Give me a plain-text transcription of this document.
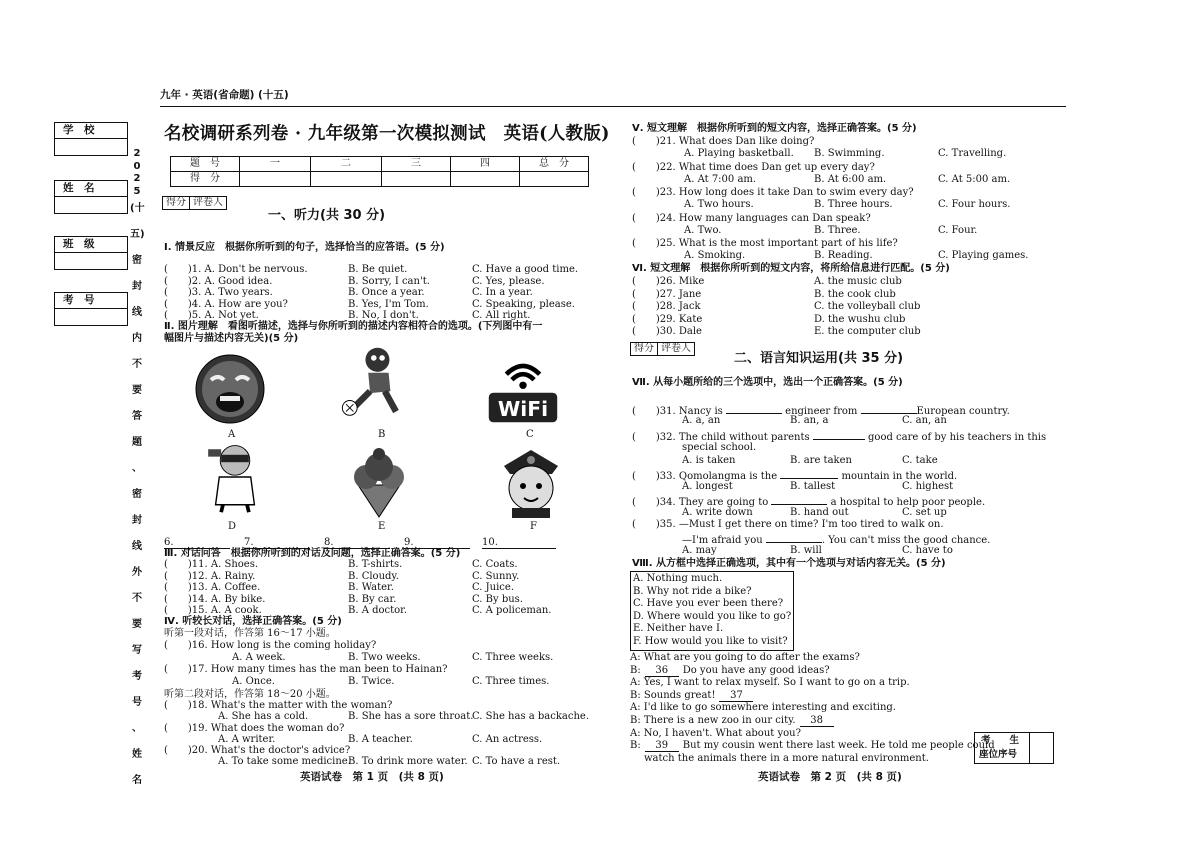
九年 · 英语(省命题) (十五)
学　校
姓　名
班　级
考　号
2
0
2
5
(十五)
密
封
线
内
不
要
答
题
、
密
封
线
外
不
要
写
考
号
、
姓
名
名校调研系列卷 · 九年级第一次模拟测试　英语(人教版)
题　号	一	二	三	四	总　分
得　分					
得分 评卷人
一、听力(共 30 分)
Ⅰ. 情景反应　根据你所听到的句子，选择恰当的应答语。(5 分)
(　　)1. A. Don't be nervous.	B. Be quiet.	C. Have a good time.
(　　)2. A. Good idea.	B. Sorry, I can't.	C. Yes, please.
(　　)3. A. Two years.	B. Once a year.	C. In a year.
(　　)4. A. How are you?	B. Yes, I'm Tom.	C. Speaking, please.
(　　)5. A. Not yet.	B. No, I don't.	C. All right.
Ⅱ. 图片理解　看图听描述，选择与你所听到的描述内容相符合的选项。(下列图中有一
幅图片与描述内容无关)(5 分)
WiFi
A	B	C
D	E	F
6.	7.	8.	9.	10.
Ⅲ. 对话问答　根据你所听到的对话及问题，选择正确答案。(5 分)
(　　)11. A. Shoes.	B. T-shirts.	C. Coats.
(　　)12. A. Rainy.	B. Cloudy.	C. Sunny.
(　　)13. A. Coffee.	B. Water.	C. Juice.
(　　)14. A. By bike.	B. By car.	C. By bus.
(　　)15. A. A cook.	B. A doctor.	C. A policeman.
Ⅳ. 听较长对话，选择正确答案。(5 分)
听第一段对话，作答第 16～17 小题。
(　　)16. How long is the coming holiday?
A. A week.	B. Two weeks.	C. Three weeks.
(　　)17. How many times has the man been to Hainan?
A. Once.	B. Twice.	C. Three times.
听第二段对话，作答第 18～20 小题。
(　　)18. What's the matter with the woman?
A. She has a cold.	B. She has a sore throat.
C. She has a backache.
(　　)19. What does the woman do?
A. A writer.	B. A teacher.	C. An actress.
(　　)20. What's the doctor's advice?
A. To take some medicine.
B. To drink more water. C. To have a rest.
Ⅴ. 短文理解　根据你所听到的短文内容，选择正确答案。(5 分)
(　　)21. What does Dan like doing?
A. Playing basketball. B. Swimming.	C. Travelling.
(　　)22. What time does Dan get up every day?
A. At 7:00 am.	B. At 6:00 am.	C. At 5:00 am.
(　　)23. How long does it take Dan to swim every day?
A. Two hours.	B. Three hours.	C. Four hours.
(　　)24. How many languages can Dan speak?
A. Two.	B. Three.	C. Four.
(　　)25. What is the most important part of his life?
A. Smoking.	B. Reading.	C. Playing games.
Ⅵ. 短文理解　根据你所听到的短文内容，将所给信息进行匹配。(5 分)
(　　)26. Mike	A. the music club
(　　)27. Jane	B. the cook club
(　　)28. Jack	C. the volleyball club
(　　)29. Kate	D. the wushu club
(　　)30. Dale	E. the computer club
得分 评卷人
二、语言知识运用(共 35 分)
Ⅶ. 从每小题所给的三个选项中，选出一个正确答案。(5 分)
(　　)31. Nancy is	engineer from	European country.
A. a, an	B. an, a	C. an, an
(　　)32. The child without parents	good care of by his teachers in this
special school.
A. is taken	B. are taken	C. take
(　　)33. Qomolangma is the	mountain in the world.
A. longest	B. tallest	C. highest
(　　)34. They are going to	a hospital to help poor people.
A. write down	B. hand out	C. set up
(　　)35. —Must I get there on time? I'm too tired to walk on.
—I'm afraid you	. You can't miss the good chance.
A. may	B. will	C. have to
Ⅷ. 从方框中选择正确选项，其中有一个选项与对话内容无关。(5 分)
A. Nothing much.
B. Why not ride a bike?
C. Have you ever been there?
D. Where would you like to go?
E. Neither have I.
F. How would you like to visit?
A: What are you going to do after the exams?
B: 36 Do you have any good ideas?
A: Yes, I want to relax myself. So I want to go on a trip.
B: Sounds great! 37
A: I'd like to go somewhere interesting and exciting.
B: There is a new zoo in our city. 38
A: No, I haven't. What about you?
B: 39 But my cousin went there last week. He told me people could
watch the animals there in a more natural environment.
考　　生
座位序号
英语试卷　第 1 页　(共 8 页)	英语试卷　第 2 页　(共 8 页)
